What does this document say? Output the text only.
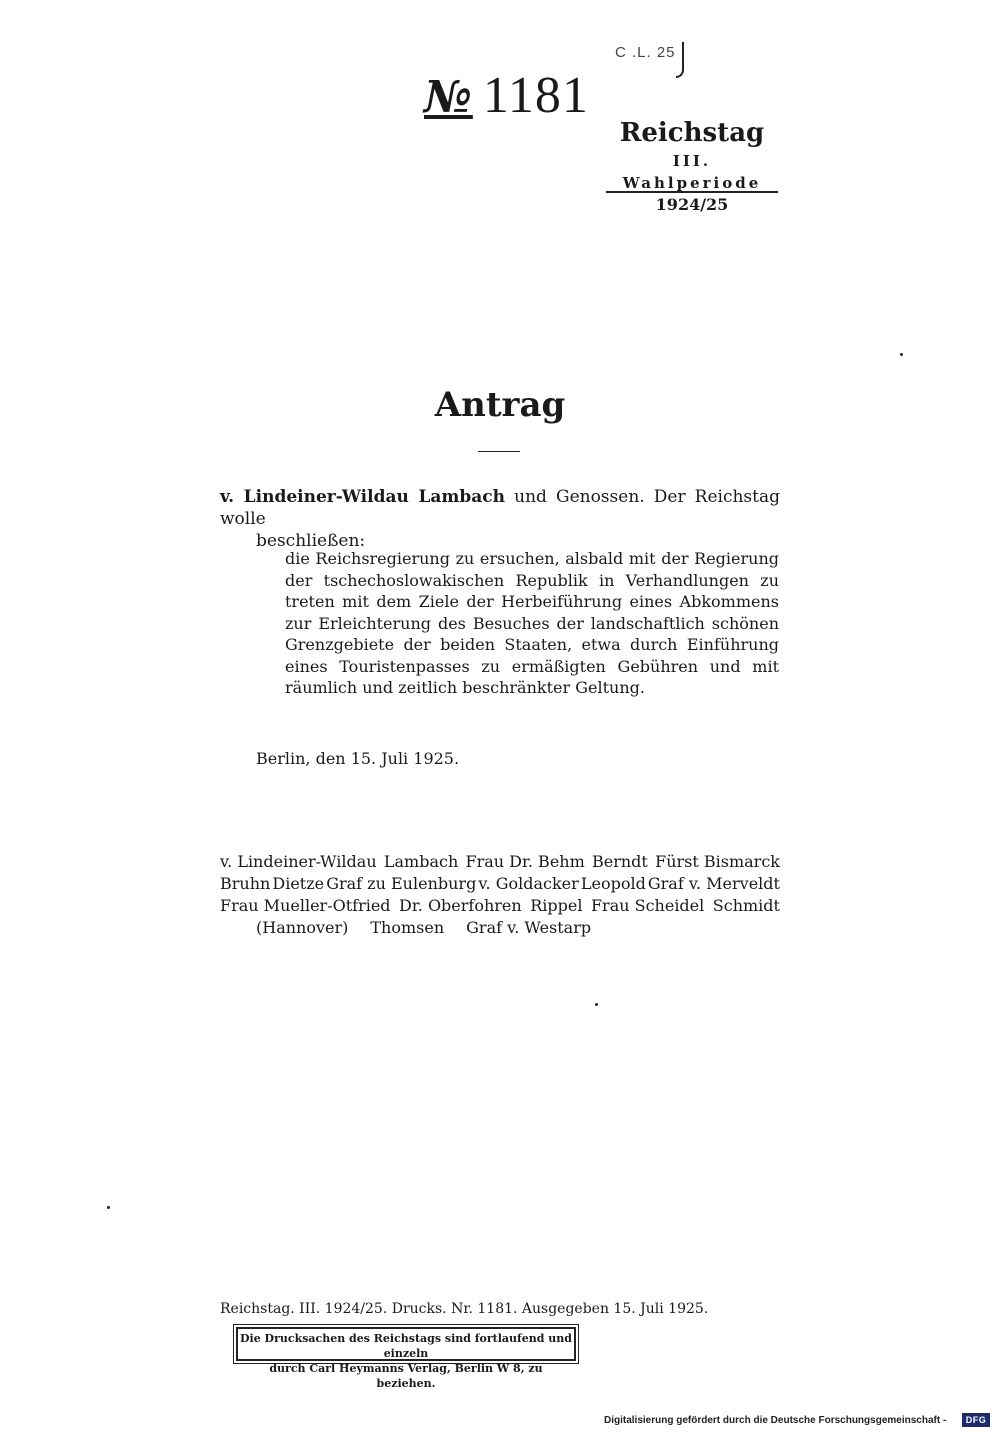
C .L. 25
№ 1181
Reichstag
III. Wahlperiode
1924/25
Antrag
v. Lindeiner-Wildau Lambach und Genossen. Der Reichstag wolle
beschließen:
die Reichsregierung zu ersuchen, alsbald mit der Regierung der tschechoslowakischen Republik in Verhandlungen zu treten mit dem Ziele der Herbeiführung eines Abkommens zur Erleichterung des Besuches der landschaftlich schönen Grenzgebiete der beiden Staaten, etwa durch Einführung eines Touristenpasses zu ermäßigten Gebühren und mit räumlich und zeitlich beschränkter Geltung.
Berlin, den 15. Juli 1925.
v. Lindeiner-Wildau Lambach Frau Dr. Behm Berndt Fürst Bismarck
Bruhn Dietze Graf zu Eulenburg v. Goldacker Leopold Graf v. Merveldt
Frau Mueller-Otfried Dr. Oberfohren Rippel Frau Scheidel Schmidt
(Hannover) Thomsen Graf v. Westarp
Reichstag. III. 1924/25. Drucks. Nr. 1181. Ausgegeben 15. Juli 1925.
Die Drucksachen des Reichstags sind fortlaufend und einzeln
durch Carl Heymanns Verlag, Berlin W 8, zu beziehen.
Digitalisierung gefördert durch die Deutsche Forschungsgemeinschaft -	DFG
